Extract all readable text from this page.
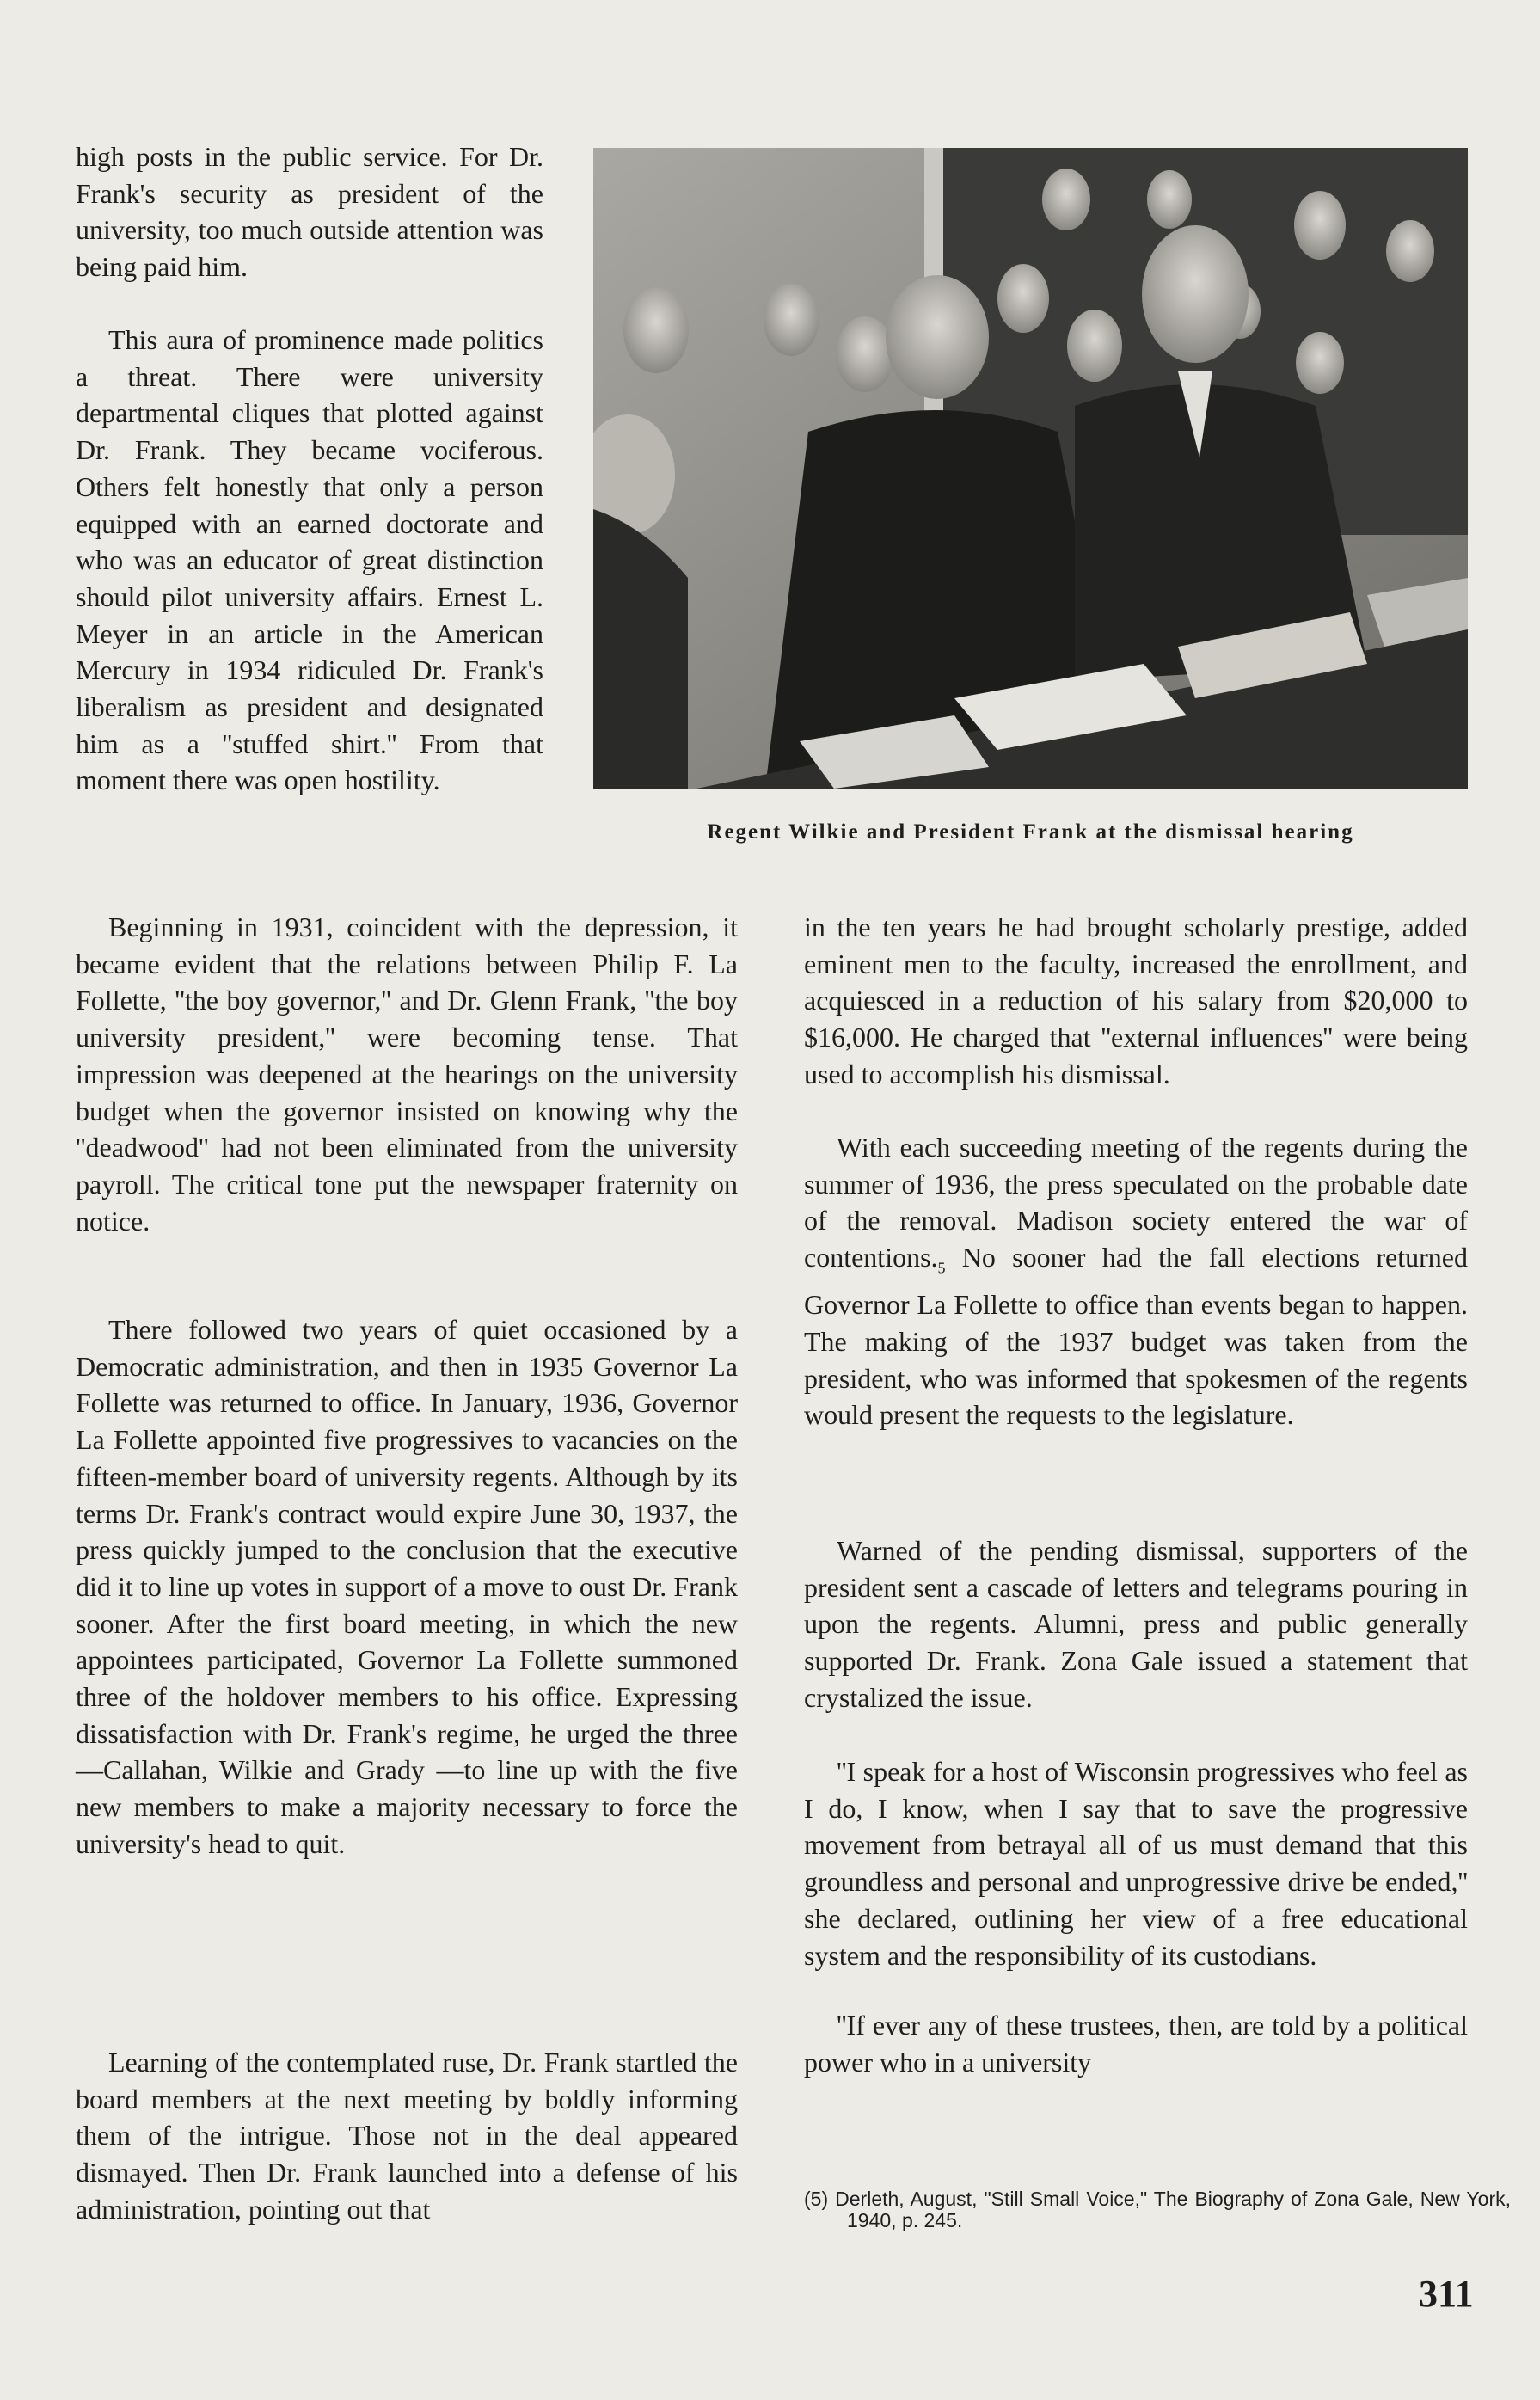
high posts in the public service. For Dr. Frank's security as president of the university, too much outside attention was being paid him.

This aura of prominence made politics a threat. There were university departmental cliques that plotted against Dr. Frank. They became vociferous. Others felt honestly that only a person equipped with an earned doctorate and who was an educator of great distinction should pilot university affairs. Ernest L. Meyer in an article in the American Mercury in 1934 ridiculed Dr. Frank's liberalism as president and designated him as a ''stuffed shirt.'' From that moment there was open hostility.

Beginning in 1931, coincident with the depression, it became evident that the relations between Philip F. La Follette, ''the boy governor,'' and Dr. Glenn Frank, ''the boy university president,'' were becoming tense. That impression was deepened at the hearings on the university budget when the governor insisted on knowing why the ''deadwood'' had not been eliminated from the university payroll. The critical tone put the newspaper fraternity on notice.

There followed two years of quiet occasioned by a Democratic administration, and then in 1935 Governor La Follette was returned to office. In January, 1936, Governor La Follette appointed five progressives to vacancies on the fifteen-member board of university regents. Although by its terms Dr. Frank's contract would expire June 30, 1937, the press quickly jumped to the conclusion that the executive did it to line up votes in support of a move to oust Dr. Frank sooner. After the first board meeting, in which the new appointees participated, Governor La Follette summoned three of the holdover members to his office. Expressing dissatisfaction with Dr. Frank's regime, he urged the three—Callahan, Wilkie and Grady —to line up with the five new members to make a majority necessary to force the university's head to quit.

Learning of the contemplated ruse, Dr. Frank startled the board members at the next meeting by boldly informing them of the intrigue. Those not in the deal appeared dismayed. Then Dr. Frank launched into a defense of his administration, pointing out that

Regent Wilkie and President Frank at the dismissal hearing

in the ten years he had brought scholarly prestige, added eminent men to the faculty, increased the enrollment, and acquiesced in a reduction of his salary from $20,000 to $16,000. He charged that ''external influences'' were being used to accomplish his dismissal.

With each succeeding meeting of the regents during the summer of 1936, the press speculated on the probable date of the removal. Madison society entered the war of $contentions._5$ No sooner had the fall elections returned Governor La Follette to office than events began to happen. The making of the 1937 budget was taken from the president, who was informed that spokesmen of the regents would present the requests to the legislature.

Warned of the pending dismissal, supporters of the president sent a cascade of letters and telegrams pouring in upon the regents. Alumni, press and public generally supported Dr. Frank. Zona Gale issued a statement that crystalized the issue.

''I speak for a host of Wisconsin progressives who feel as I do, I know, when I say that to save the progressive movement from betrayal all of us must demand that this groundless and personal and unprogressive drive be ended,'' she declared, outlining her view of a free educational system and the responsibility of its custodians.

''If ever any of these trustees, then, are told by a political power who in a university

(5) Derleth, August, "Still Small Voice," The Biography of Zona Gale, New York, 1940, p. 245.
311
